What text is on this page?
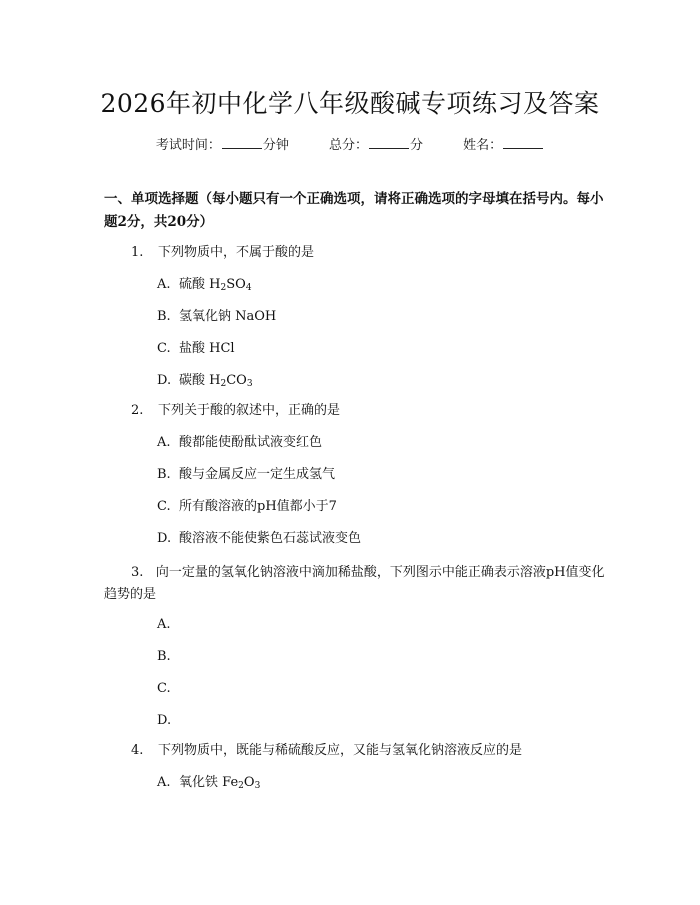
2026年初中化学八年级酸碱专项练习及答案
考试时间：	分钟	总分：	分	姓名：
一、单项选择题（每小题只有一个正确选项，请将正确选项的字母填在括号内。每小题2分，共20分）
1. 下列物质中，不属于酸的是
A. 硫酸 $H_2SO_4$
B. 氢氧化钠 NaOH
C. 盐酸 HCl
D. 碳酸 $H_2CO_3$
2. 下列关于酸的叙述中，正确的是
A. 酸都能使酚酞试液变红色
B. 酸与金属反应一定生成氢气
C. 所有酸溶液的pH值都小于7
D. 酸溶液不能使紫色石蕊试液变色
3. 向一定量的氢氧化钠溶液中滴加稀盐酸，下列图示中能正确表示溶液pH值变化趋势的是
A.
B.
C.
D.
4. 下列物质中，既能与稀硫酸反应，又能与氢氧化钠溶液反应的是
A. 氧化铁 $Fe_2O_3$
